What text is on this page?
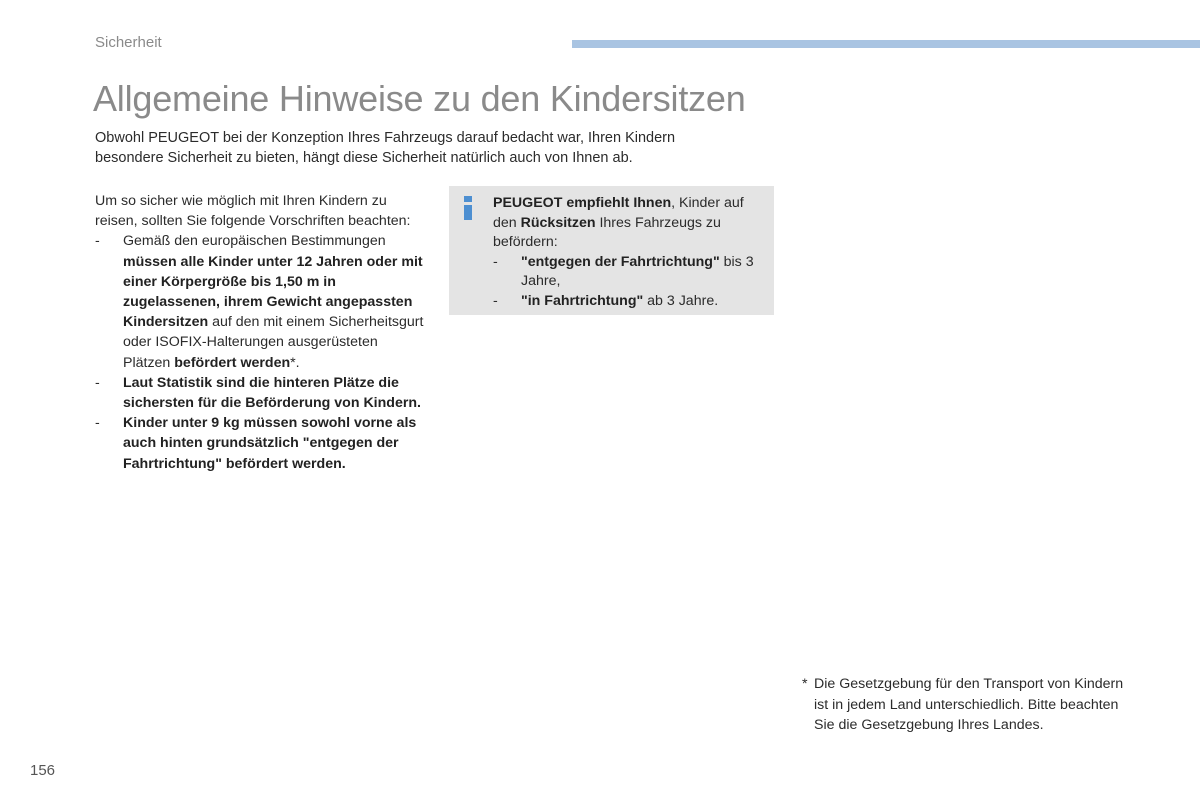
Sicherheit
Allgemeine Hinweise zu den Kindersitzen

Obwohl PEUGEOT bei der Konzeption Ihres Fahrzeugs darauf bedacht war, Ihren Kindern besondere Sicherheit zu bieten, hängt diese Sicherheit natürlich auch von Ihnen ab.

Um so sicher wie möglich mit Ihren Kindern zu reisen, sollten Sie folgende Vorschriften beachten:

- Gemäß den europäischen Bestimmungen müssen alle Kinder unter 12 Jahren oder mit einer Körpergröße bis 1,50 m in zugelassenen, ihrem Gewicht angepassten Kindersitzen auf den mit einem Sicherheitsgurt oder ISOFIX-Halterungen ausgerüsteten Plätzen befördert werden*.
- Laut Statistik sind die hinteren Plätze die sichersten für die Beförderung von Kindern.
- Kinder unter 9 kg müssen sowohl vorne als auch hinten grundsätzlich "entgegen der Fahrtrichtung" befördert werden.

PEUGEOT empfiehlt Ihnen, Kinder auf den Rücksitzen Ihres Fahrzeugs zu befördern:

- "entgegen der Fahrtrichtung" bis 3 Jahre,
- "in Fahrtrichtung" ab 3 Jahre.
* Die Gesetzgebung für den Transport von Kindern ist in jedem Land unterschiedlich. Bitte beachten Sie die Gesetzgebung Ihres Landes.
156
